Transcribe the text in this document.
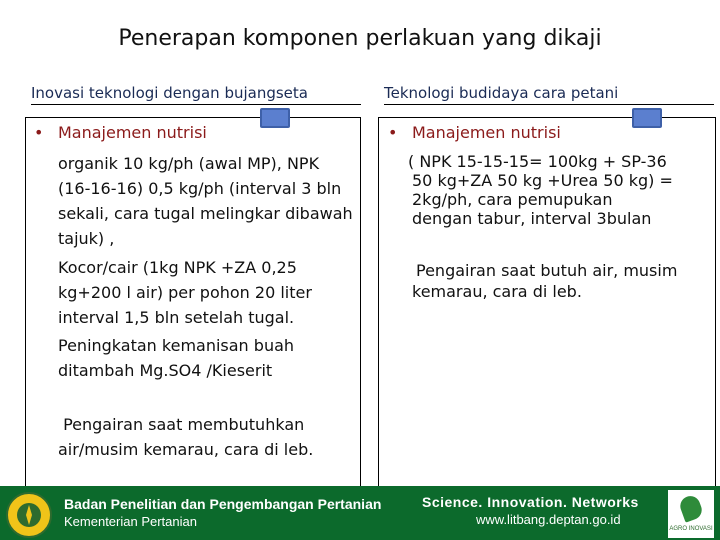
Penerapan komponen perlakuan yang dikaji
Inovasi teknologi dengan bujangseta	Teknologi budidaya cara petani
• Manajemen nutrisi
organik 10 kg/ph (awal MP), NPK
(16-16-16) 0,5 kg/ph (interval 3 bln
sekali, cara tugal melingkar dibawah
tajuk) ,
Kocor/cair (1kg NPK +ZA 0,25
kg+200 l air) per pohon 20 liter
interval 1,5 bln setelah tugal.
Peningkatan kemanisan buah
ditambah Mg.SO4 /Kieserit
Pengairan saat membutuhkan
air/musim kemarau, cara di leb.
• Manajemen nutrisi
( NPK 15-15-15= 100kg + SP-36
50 kg+ZA 50 kg +Urea 50 kg) =
2kg/ph, cara pemupukan
dengan tabur, interval 3bulan
Pengairan saat butuh air, musim
kemarau, cara di leb.
Badan Penelitian dan Pengembangan Pertanian
Kementerian Pertanian
Science. Innovation. Networks
www.litbang.deptan.go.id
AGRO INOVASI
